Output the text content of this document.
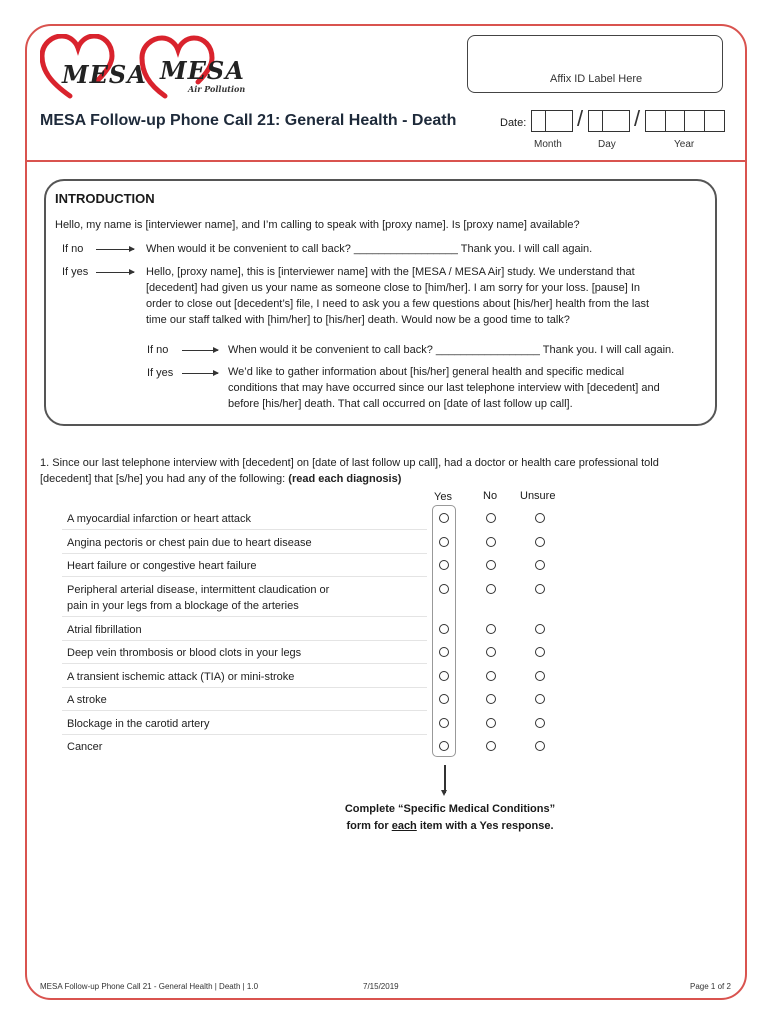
MESA MESA
Air Pollution
Affix ID Label Here
MESA Follow-up Phone Call 21: General Health - Death	Date: / /
Month	Day	Year
INTRODUCTION
Hello, my name is [interviewer name], and I’m calling to speak with [proxy name]. Is [proxy name] available?
If no	When would it be convenient to call back? _________________ Thank you. I will call again.
If yes	Hello, [proxy name], this is [interviewer name] with the [MESA / MESA Air] study. We understand that
[decedent] had given us your name as someone close to [him/her]. I am sorry for your loss. [pause] In
order to close out [decedent’s] file, I need to ask you a few questions about [his/her] health from the last
time our staff talked with [him/her] to [his/her] death. Would now be a good time to talk?
If no	When would it be convenient to call back? _________________ Thank you. I will call again.
If yes	We’d like to gather information about [his/her] general health and specific medical
conditions that may have occurred since our last telephone interview with [decedent] and
before [his/her] death. That call occurred on [date of last follow up call].
1. Since our last telephone interview with [decedent] on [date of last follow up call], had a doctor or health care professional told
[decedent] that [s/he] you had any of the following: (read each diagnosis)
Yes	No Unsure
A myocardial infarction or heart attack
Angina pectoris or chest pain due to heart disease
Heart failure or congestive heart failure
Peripheral arterial disease, intermittent claudication or
pain in your legs from a blockage of the arteries
Atrial fibrillation
Deep vein thrombosis or blood clots in your legs
A transient ischemic attack (TIA) or mini-stroke
A stroke
Blockage in the carotid artery
Cancer
Complete “Specific Medical Conditions”
form for each item with a Yes response.
MESA Follow-up Phone Call 21 - General Health | Death | 1.0	7/15/2019	Page 1 of 2
